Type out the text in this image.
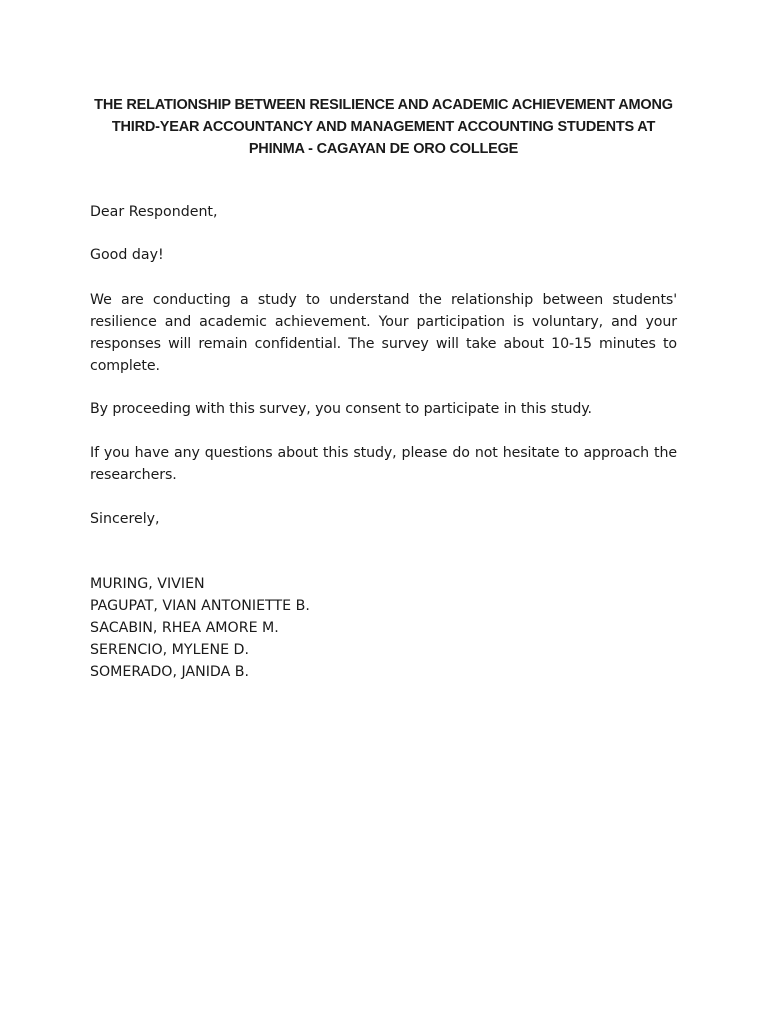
THE RELATIONSHIP BETWEEN RESILIENCE AND ACADEMIC ACHIEVEMENT AMONG
THIRD-YEAR ACCOUNTANCY AND MANAGEMENT ACCOUNTING STUDENTS AT
PHINMA - CAGAYAN DE ORO COLLEGE

Dear Respondent,

Good day!

We are conducting a study to understand the relationship between students' resilience and academic achievement. Your participation is voluntary, and your responses will remain confidential. The survey will take about 10-15 minutes to complete.

By proceeding with this survey, you consent to participate in this study.

If you have any questions about this study, please do not hesitate to approach the researchers.

Sincerely,

MURING, VIVIEN
PAGUPAT, VIAN ANTONIETTE B.
SACABIN, RHEA AMORE M.
SERENCIO, MYLENE D.
SOMERADO, JANIDA B.
